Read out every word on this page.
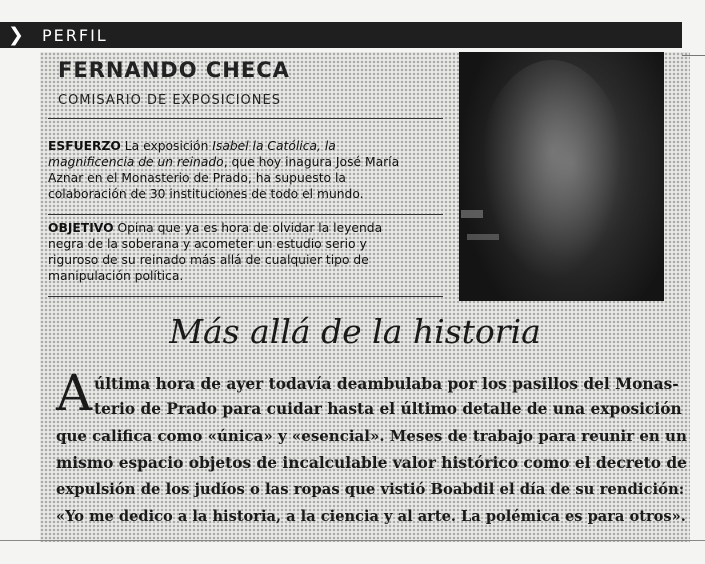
❯ PERFIL
FERNANDO CHECA
COMISARIO DE EXPOSICIONES
ESFUERZO La exposición Isabel la Católica, la
magnificencia de un reinado, que hoy inagura José María
Aznar en el Monasterio de Prado, ha supuesto la
colaboración de 30 instituciones de todo el mundo.
OBJETIVO Opina que ya es hora de olvidar la leyenda
negra de la soberana y acometer un estudio serio y
riguroso de su reinado más allá de cualquier tipo de
manipulación política.
Más allá de la historia
A última hora de ayer todavía deambulaba por los pasillos del Monas-
terio de Prado para cuidar hasta el último detalle de una exposición
que califica como «única» y «esencial». Meses de trabajo para reunir en un
mismo espacio objetos de incalculable valor histórico como el decreto de
expulsión de los judíos o las ropas que vistió Boabdil el día de su rendición:
«Yo me dedico a la historia, a la ciencia y al arte. La polémica es para otros».
